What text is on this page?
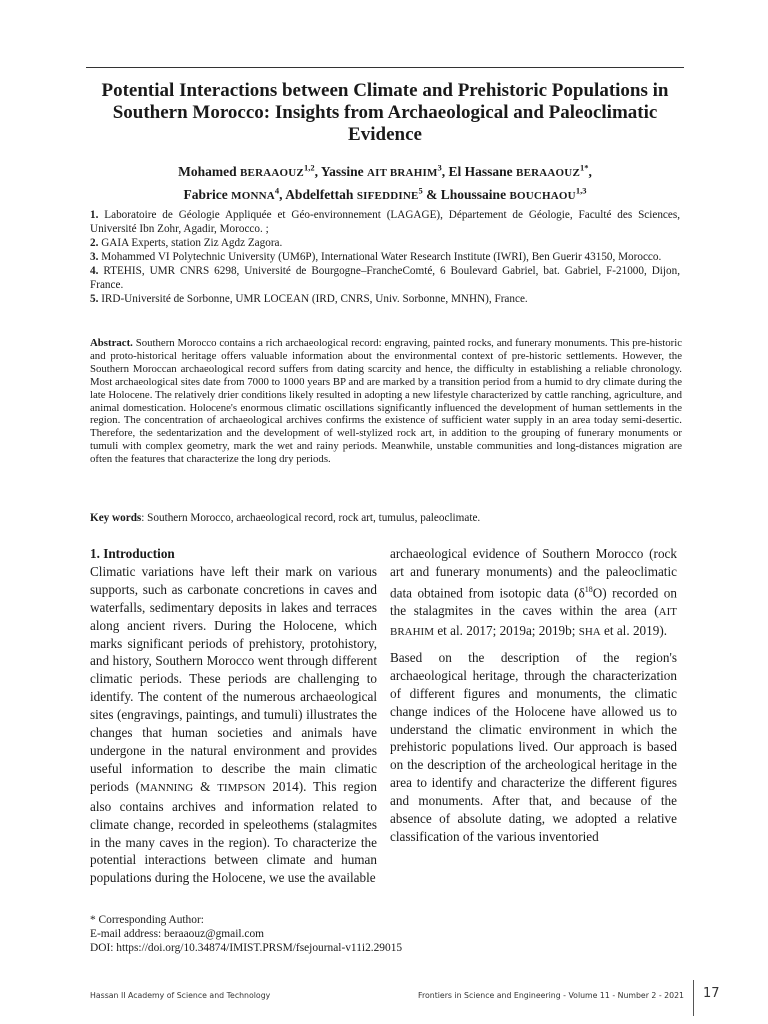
Potential Interactions between Climate and Prehistoric Populations in Southern Morocco: Insights from Archaeological and Paleoclimatic Evidence
Mohamed BERAAOUZ$^{1,2}$, Yassine AIT BRAHIM$^3$, El Hassane $BERAAOUZ^{1*}$,
Fabrice MONNA$^4$, Abdelfettah SIFEDDINE$^5$ & Lhoussaine BOUCHAOU$^{1,3}$

1. Laboratoire de Géologie Appliquée et Géo-environnement (LAGAGE), Département de Géologie, Faculté des Sciences, Université Ibn Zohr, Agadir, Morocco. ;

2. GAIA Experts, station Ziz Agdz Zagora.

3. Mohammed VI Polytechnic University (UM6P), International Water Research Institute (IWRI), Ben Guerir 43150, Morocco.

4. RTEHIS, UMR CNRS 6298, Université de Bourgogne–FrancheComté, 6 Boulevard Gabriel, bat. Gabriel, F-21000, Dijon, France.

5. IRD-Université de Sorbonne, UMR LOCEAN (IRD, CNRS, Univ. Sorbonne, MNHN), France.

Abstract. Southern Morocco contains a rich archaeological record: engraving, painted rocks, and funerary monuments. This pre-historic and proto-historical heritage offers valuable information about the environmental context of pre-historic settlements. However, the Southern Moroccan archaeological record suffers from dating scarcity and hence, the difficulty in establishing a reliable chronology. Most archaeological sites date from 7000 to 1000 years BP and are marked by a transition period from a humid to dry climate during the late Holocene. The relatively drier conditions likely resulted in adopting a new lifestyle characterized by cattle ranching, agriculture, and animal domestication. Holocene's enormous climatic oscillations significantly influenced the development of human settlements in the region. The concentration of archaeological archives confirms the existence of sufficient water supply in an area today semi-desertic. Therefore, the sedentarization and the development of well-stylized rock art, in addition to the grouping of funerary monuments or tumuli with complex geometry, mark the wet and rainy periods. Meanwhile, unstable communities and long-distances migration are often the features that characterize the long dry periods.

Key words: Southern Morocco, archaeological record, rock art, tumulus, paleoclimate.

1. Introduction
Climatic variations have left their mark on various supports, such as carbonate concretions in caves and waterfalls, sedimentary deposits in lakes and terraces along ancient rivers. During the Holocene, which marks significant periods of prehistory, protohistory, and history, Southern Morocco went through different climatic periods. These periods are challenging to identify. The content of the numerous archaeological sites (engravings, paintings, and tumuli) illustrates the changes that human societies and animals have undergone in the natural environment and provides useful information to describe the main climatic periods (MANNING & TIMPSON 2014). This region also contains archives and information related to climate change, recorded in speleothems (stalagmites in the many caves in the region). To characterize the potential interactions between climate and human populations during the Holocene, we use the available

archaeological evidence of Southern Morocco (rock art and funerary monuments) and the paleoclimatic data obtained from isotopic data $(\delta^{18}O)$ recorded on the stalagmites in the caves within the area (AIT BRAHIM et al. 2017; 2019a; 2019b; SHA et al. 2019).

Based on the description of the region's archaeological heritage, through the characterization of different figures and monuments, the climatic change indices of the Holocene have allowed us to understand the climatic environment in which the prehistoric populations lived. Our approach is based on the description of the archeological heritage in the area to identify and characterize the different figures and monuments. After that, and because of the absence of absolute dating, we adopted a relative classification of the various inventoried

* Corresponding Author:
E-mail address: beraaouz@gmail.com
DOI: https://doi.org/10.34874/IMIST.PRSM/fsejournal-v11i2.29015
Hassan II Academy of Science and Technology	Frontiers in Science and Engineering - Volume 11 - Number 2 - 2021 17
